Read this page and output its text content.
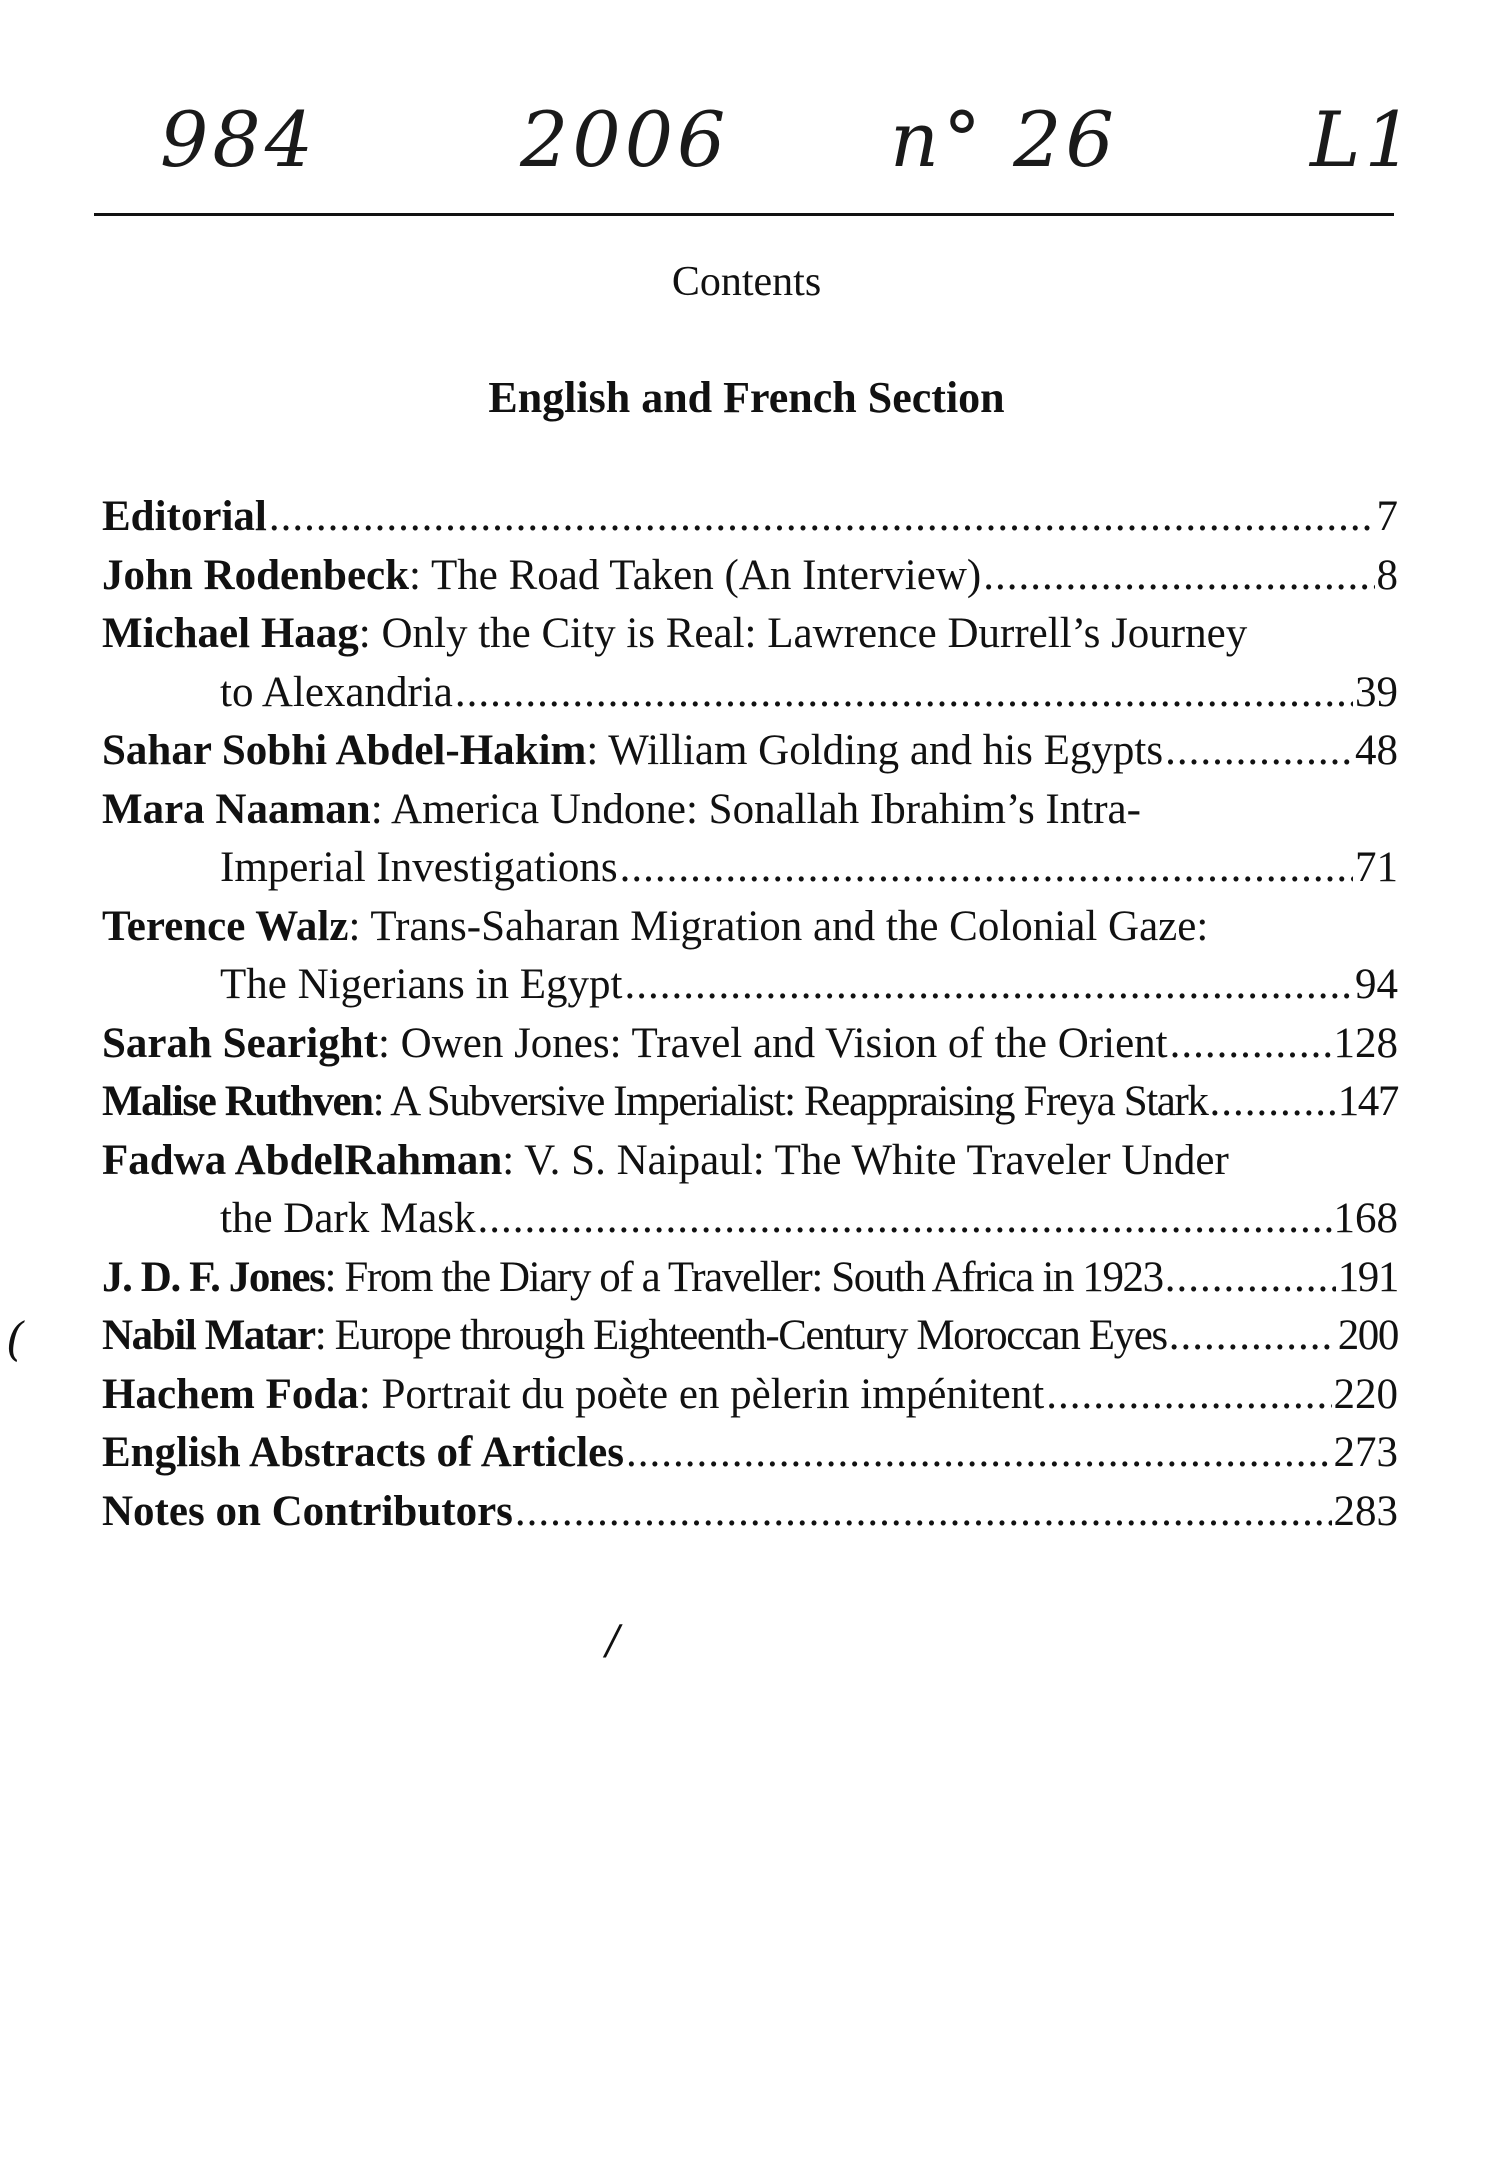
984	2006 n° 26	L1
Contents
English and French Section
Editorial .....	7
John Rodenbeck : The Road Taken (An Interview) .....	8
Michael Haag : Only the City is Real: Lawrence Durrell’s Journey
to Alexandria .....	39
Sahar Sobhi Abdel-Hakim : William Golding and his Egypts .....	48
Mara Naaman : America Undone: Sonallah Ibrahim’s Intra-
Imperial Investigations .....	71
Terence Walz : Trans-Saharan Migration and the Colonial Gaze:
The Nigerians in Egypt .....	94
Sarah Searight : Owen Jones: Travel and Vision of the Orient .....	128
Malise Ruthven : A Subversive Imperialist: Reappraising Freya Stark .....	147
Fadwa AbdelRahman : V. S. Naipaul: The White Traveler Under
the Dark Mask .....	168
J. D. F. Jones : From the Diary of a Traveller: South Africa in 1923 .....	191
Nabil Matar : Europe through Eighteenth-Century Moroccan Eyes .....	200
Hachem Foda : Portrait du poète en pèlerin impénitent .....	220
English Abstracts of Articles .....	273
Notes on Contributors .....	283
(
/
